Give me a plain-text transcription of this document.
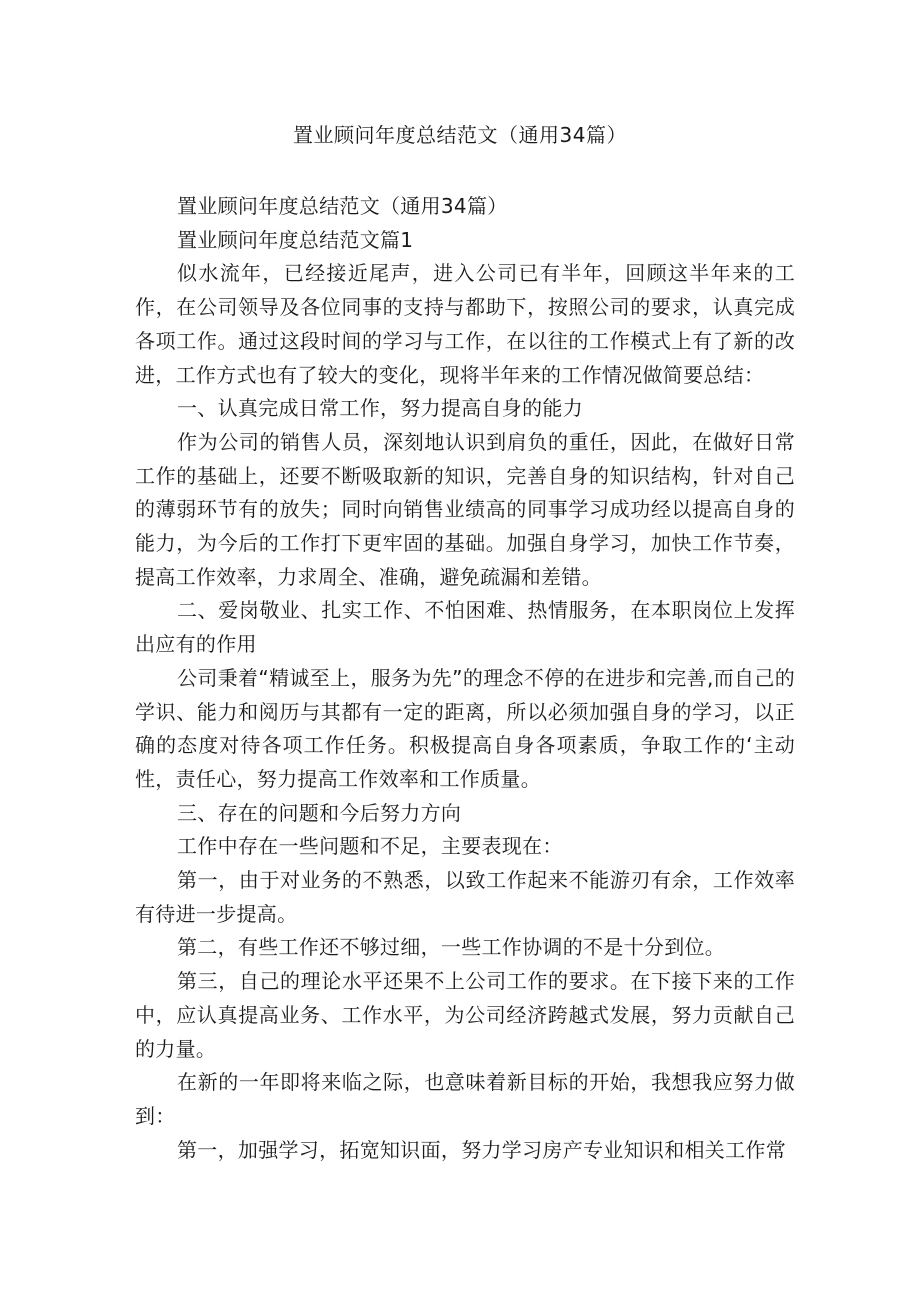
置业顾问年度总结范文（通用34篇）

置业顾问年度总结范文（通用34篇）

置业顾问年度总结范文篇1

似水流年，已经接近尾声，进入公司已有半年，回顾这半年来的工作，在公司领导及各位同事的支持与都助下，按照公司的要求，认真完成各项工作。通过这段时间的学习与工作，在以往的工作模式上有了新的改进，工作方式也有了较大的变化，现将半年来的工作情况做简要总结：

一、认真完成日常工作，努力提高自身的能力

作为公司的销售人员，深刻地认识到肩负的重任，因此，在做好日常工作的基础上，还要不断吸取新的知识，完善自身的知识结构，针对自己的薄弱环节有的放失；同时向销售业绩高的同事学习成功经以提高自身的能力，为今后的工作打下更牢固的基础。加强自身学习，加快工作节奏，提高工作效率，力求周全、准确，避免疏漏和差错。

二、爱岗敬业、扎实工作、不怕困难、热情服务，在本职岗位上发挥出应有的作用

公司秉着“精诚至上，服务为先”的理念不停的在进步和完善,而自己的学识、能力和阅历与其都有一定的距离，所以必须加强自身的学习，以正确的态度对待各项工作任务。积极提高自身各项素质，争取工作的‘主动性，责任心，努力提高工作效率和工作质量。

三、存在的问题和今后努力方向

工作中存在一些问题和不足，主要表现在：

第一，由于对业务的不熟悉，以致工作起来不能游刃有余，工作效率有待进一步提高。

第二，有些工作还不够过细，一些工作协调的不是十分到位。

第三，自己的理论水平还果不上公司工作的要求。在下接下来的工作中，应认真提高业务、工作水平，为公司经济跨越式发展，努力贡献自己的力量。

在新的一年即将来临之际，也意味着新目标的开始，我想我应努力做到：

第一，加强学习，拓宽知识面，努力学习房产专业知识和相关工作常
